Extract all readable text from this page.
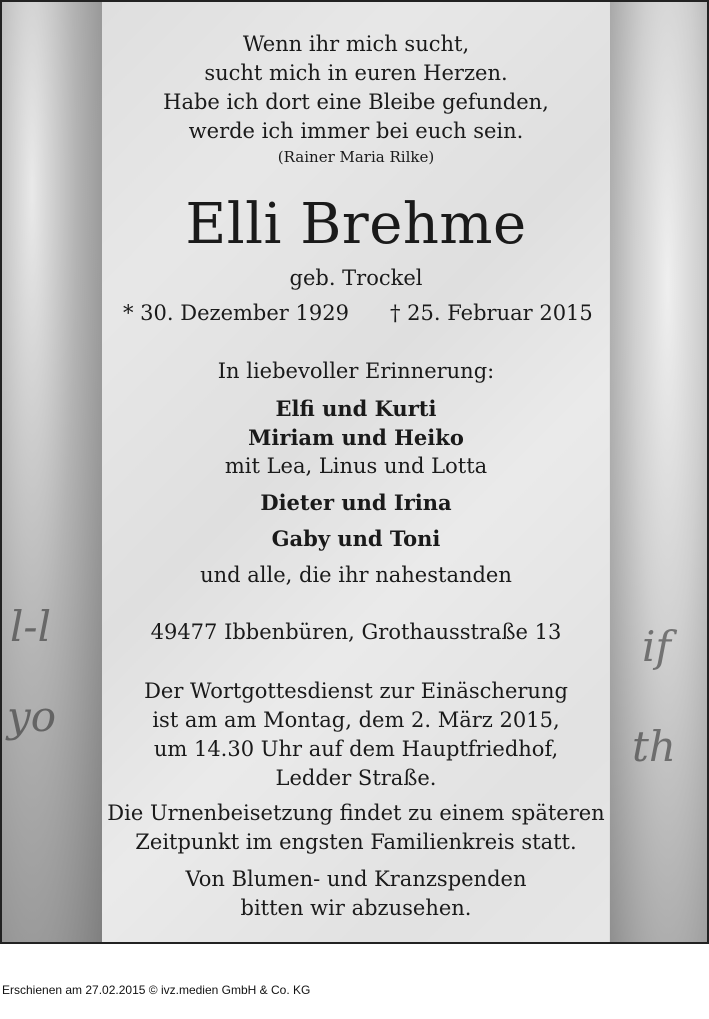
l-l
yo
if
th
Wenn ihr mich sucht,
sucht mich in euren Herzen.
Habe ich dort eine Bleibe gefunden,
werde ich immer bei euch sein.
(Rainer Maria Rilke)
Elli Brehme
geb. Trockel
* 30. Dezember 1929 † 25. Februar 2015
In liebevoller Erinnerung:
Elfi und Kurti
Miriam und Heiko
mit Lea, Linus und Lotta
Dieter und Irina
Gaby und Toni
und alle, die ihr nahestanden
49477 Ibbenbüren, Grothausstraße 13
Der Wortgottesdienst zur Einäscherung
ist am am Montag, dem 2. März 2015,
um 14.30 Uhr auf dem Hauptfriedhof,
Ledder Straße.
Die Urnenbeisetzung findet zu einem späteren
Zeitpunkt im engsten Familienkreis statt.
Von Blumen- und Kranzspenden
bitten wir abzusehen.
Erschienen am 27.02.2015 © ivz.medien GmbH & Co. KG
